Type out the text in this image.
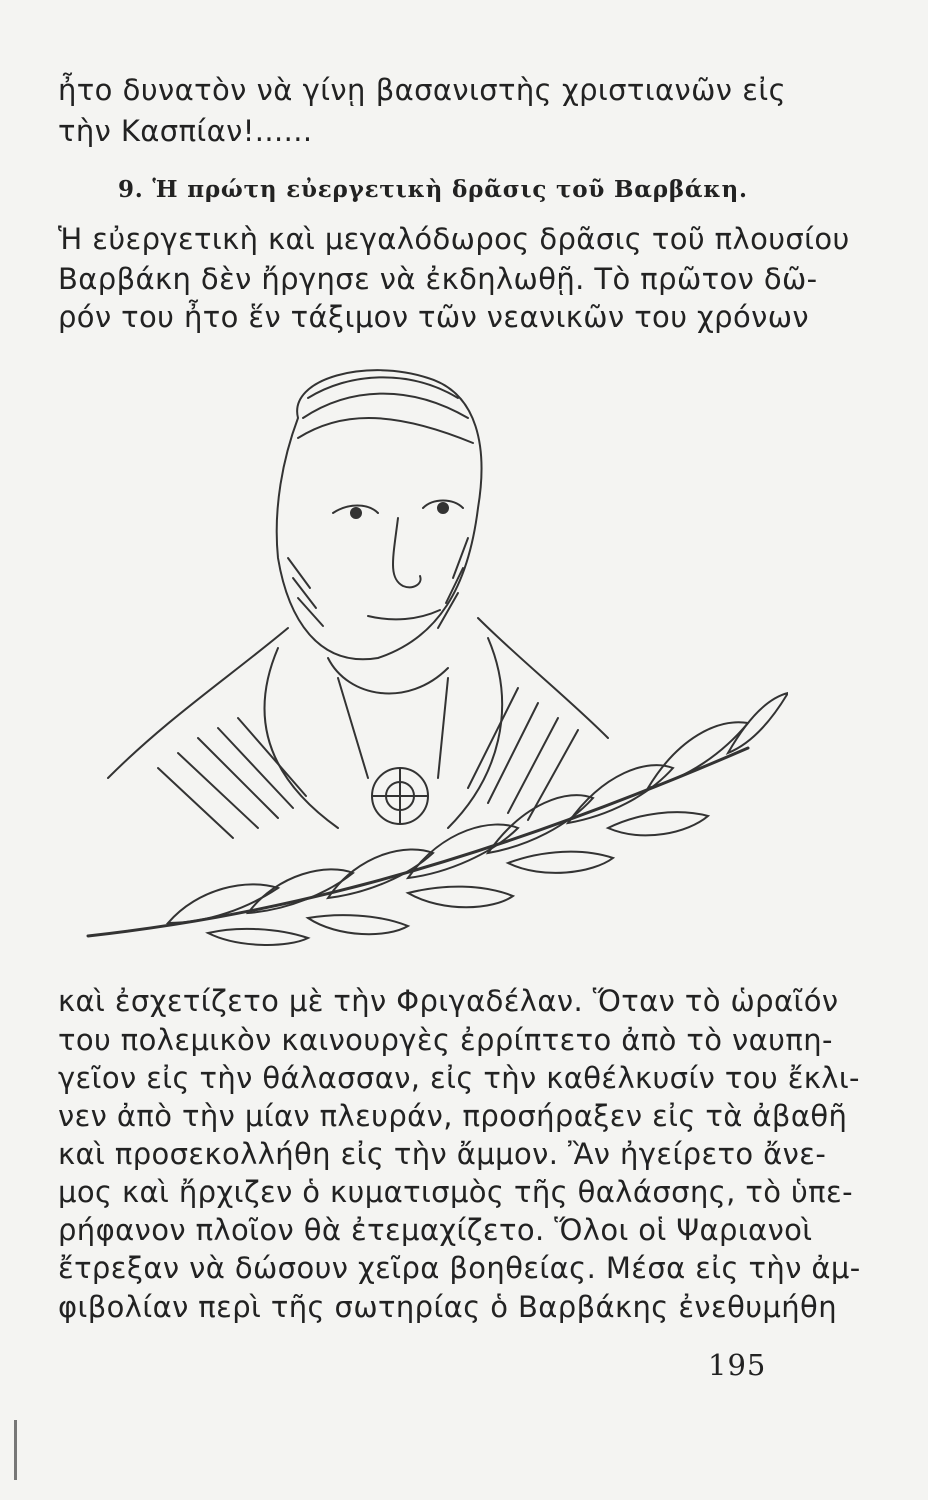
ἦτο δυνατὸν νὰ γίνῃ βασανιστὴς χριστιανῶν εἰς
τὴν Κασπίαν!......
9. Ἡ πρώτη εὐεργετικὴ δρᾶσις τοῦ Βαρβάκη.
Ἡ εὐεργετικὴ καὶ μεγαλόδωρος δρᾶσις τοῦ πλουσίου
Βαρβάκη δὲν ἤργησε νὰ ἐκδηλωθῇ. Τὸ πρῶτον δῶ-
ρόν του ἦτο ἕν τάξιμον τῶν νεανικῶν του χρόνων
καὶ ἐσχετίζετο μὲ τὴν Φριγαδέλαν. Ὅταν τὸ ὡραῖόν
του πολεμικὸν καινουργὲς ἐρρίπτετο ἀπὸ τὸ ναυπη-
γεῖον εἰς τὴν θάλασσαν, εἰς τὴν καθέλκυσίν του ἔκλι-
νεν ἀπὸ τὴν μίαν πλευράν, προσήραξεν εἰς τὰ ἀβαθῆ
καὶ προσεκολλήθη εἰς τὴν ἄμμον. Ἂν ἠγείρετο ἄνε-
μος καὶ ἤρχιζεν ὁ κυματισμὸς τῆς θαλάσσης, τὸ ὑπε-
ρήφανον πλοῖον θὰ ἐτεμαχίζετο. Ὅλοι οἱ Ψαριανοὶ
ἔτρεξαν νὰ δώσουν χεῖρα βοηθείας. Μέσα εἰς τὴν ἀμ-
φιβολίαν περὶ τῆς σωτηρίας ὁ Βαρβάκης ἐνεθυμήθη
195
